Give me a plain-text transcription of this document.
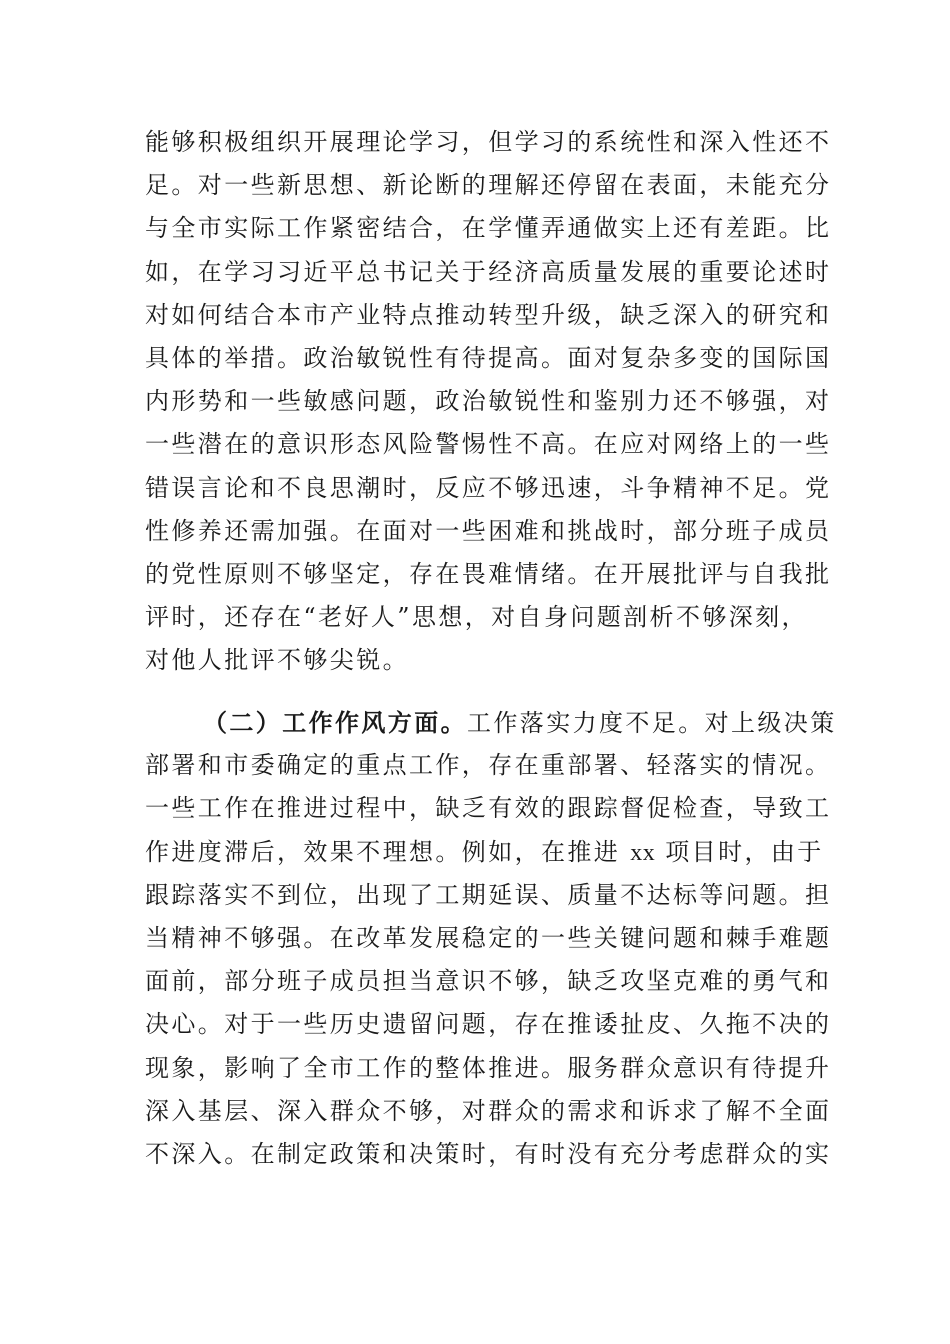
能够积极组织开展理论学习，但学习的系统性和深入性还不
足。对一些新思想、新论断的理解还停留在表面，未能充分
与全市实际工作紧密结合，在学懂弄通做实上还有差距。比
如，在学习习近平总书记关于经济高质量发展的重要论述时
对如何结合本市产业特点推动转型升级，缺乏深入的研究和
具体的举措。政治敏锐性有待提高。面对复杂多变的国际国
内形势和一些敏感问题，政治敏锐性和鉴别力还不够强，对
一些潜在的意识形态风险警惕性不高。在应对网络上的一些
错误言论和不良思潮时，反应不够迅速，斗争精神不足。党
性修养还需加强。在面对一些困难和挑战时，部分班子成员
的党性原则不够坚定，存在畏难情绪。在开展批评与自我批
评时，还存在“老好人”思想，对自身问题剖析不够深刻，
对他人批评不够尖锐。
（二）工作作风方面。工作落实力度不足。对上级决策
部署和市委确定的重点工作，存在重部署、轻落实的情况。
一些工作在推进过程中，缺乏有效的跟踪督促检查，导致工
作进度滞后，效果不理想。例如，在推进 xx 项目时，由于
跟踪落实不到位，出现了工期延误、质量不达标等问题。担
当精神不够强。在改革发展稳定的一些关键问题和棘手难题
面前，部分班子成员担当意识不够，缺乏攻坚克难的勇气和
决心。对于一些历史遗留问题，存在推诿扯皮、久拖不决的
现象，影响了全市工作的整体推进。服务群众意识有待提升
深入基层、深入群众不够，对群众的需求和诉求了解不全面
不深入。在制定政策和决策时，有时没有充分考虑群众的实
